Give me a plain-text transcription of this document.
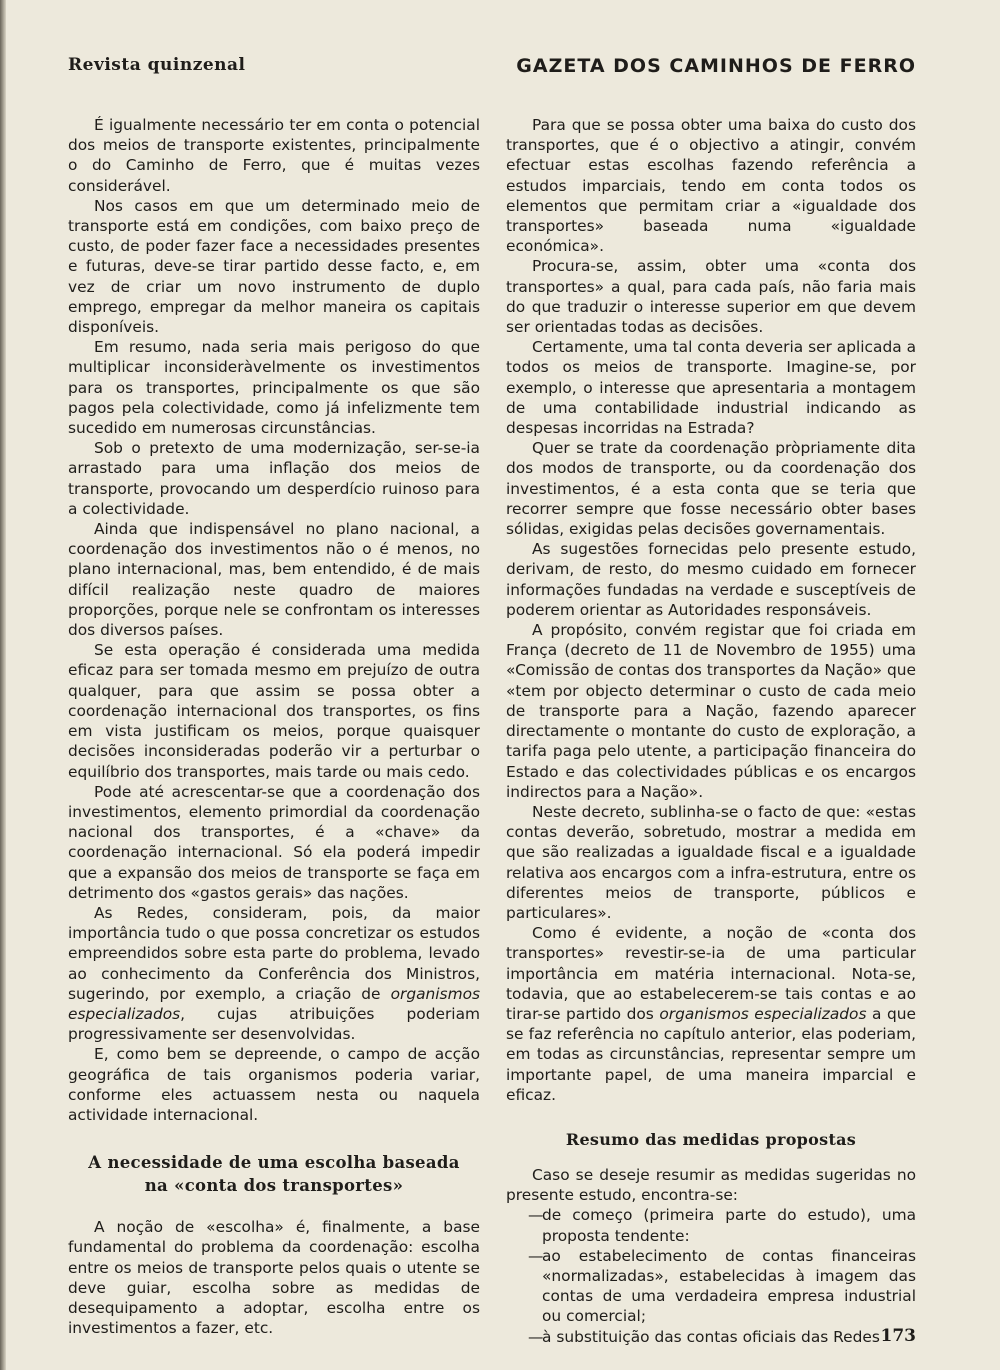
Revista quinzenal	GAZETA DOS CAMINHOS DE FERRO

É igualmente necessário ter em conta o potencial dos meios de transporte existentes, principalmente o do Caminho de Ferro, que é muitas vezes considerável.

Nos casos em que um determinado meio de transporte está em condições, com baixo preço de custo, de poder fazer face a necessidades presentes e futuras, deve-se tirar partido desse facto, e, em vez de criar um novo instrumento de duplo emprego, empregar da melhor maneira os capitais disponíveis.

Em resumo, nada seria mais perigoso do que multiplicar inconsideràvelmente os investimentos para os transportes, principalmente os que são pagos pela colectividade, como já infelizmente tem sucedido em numerosas circunstâncias.

Sob o pretexto de uma modernização, ser-se-ia arrastado para uma inflação dos meios de transporte, provocando um desperdício ruinoso para a colectividade.

Ainda que indispensável no plano nacional, a coordenação dos investimentos não o é menos, no plano internacional, mas, bem entendido, é de mais difícil realização neste quadro de maiores proporções, porque nele se confrontam os interesses dos diversos países.

Se esta operação é considerada uma medida eficaz para ser tomada mesmo em prejuízo de outra qualquer, para que assim se possa obter a coordenação internacional dos transportes, os fins em vista justificam os meios, porque quaisquer decisões inconsideradas poderão vir a perturbar o equilíbrio dos transportes, mais tarde ou mais cedo.

Pode até acrescentar-se que a coordenação dos investimentos, elemento primordial da coordenação nacional dos transportes, é a «chave» da coordenação internacional. Só ela poderá impedir que a expansão dos meios de transporte se faça em detrimento dos «gastos gerais» das nações.

As Redes, consideram, pois, da maior importância tudo o que possa concretizar os estudos empreendidos sobre esta parte do problema, levado ao conhecimento da Conferência dos Ministros, sugerindo, por exemplo, a criação de organismos especializados, cujas atribuições poderiam progressivamente ser desenvolvidas.

E, como bem se depreende, o campo de acção geográfica de tais organismos poderia variar, conforme eles actuassem nesta ou naquela actividade internacional.

A necessidade de uma escolha baseada
na «conta dos transportes»

A noção de «escolha» é, finalmente, a base fundamental do problema da coordenação: escolha entre os meios de transporte pelos quais o utente se deve guiar, escolha sobre as medidas de desequipamento a adoptar, escolha entre os investimentos a fazer, etc.

Para que se possa obter uma baixa do custo dos transportes, que é o objectivo a atingir, convém efectuar estas escolhas fazendo referência a estudos imparciais, tendo em conta todos os elementos que permitam criar a «igualdade dos transportes» baseada numa «igualdade económica».

Procura-se, assim, obter uma «conta dos transportes» a qual, para cada país, não faria mais do que traduzir o interesse superior em que devem ser orientadas todas as decisões.

Certamente, uma tal conta deveria ser aplicada a todos os meios de transporte. Imagine-se, por exemplo, o interesse que apresentaria a montagem de uma contabilidade industrial indicando as despesas incorridas na Estrada?

Quer se trate da coordenação pròpriamente dita dos modos de transporte, ou da coordenação dos investimentos, é a esta conta que se teria que recorrer sempre que fosse necessário obter bases sólidas, exigidas pelas decisões governamentais.

As sugestões fornecidas pelo presente estudo, derivam, de resto, do mesmo cuidado em fornecer informações fundadas na verdade e susceptíveis de poderem orientar as Autoridades responsáveis.

A propósito, convém registar que foi criada em França (decreto de 11 de Novembro de 1955) uma «Comissão de contas dos transportes da Nação» que «tem por objecto determinar o custo de cada meio de transporte para a Nação, fazendo aparecer directamente o montante do custo de exploração, a tarifa paga pelo utente, a participação financeira do Estado e das colectividades públicas e os encargos indirectos para a Nação».

Neste decreto, sublinha-se o facto de que: «estas contas deverão, sobretudo, mostrar a medida em que são realizadas a igualdade fiscal e a igualdade relativa aos encargos com a infra-estrutura, entre os diferentes meios de transporte, públicos e particulares».

Como é evidente, a noção de «conta dos transportes» revestir-se-ia de uma particular importância em matéria internacional. Nota-se, todavia, que ao estabelecerem-se tais contas e ao tirar-se partido dos organismos especializados a que se faz referência no capítulo anterior, elas poderiam, em todas as circunstâncias, representar sempre um importante papel, de uma maneira imparcial e eficaz.

Resumo das medidas propostas

Caso se deseje resumir as medidas sugeridas no presente estudo, encontra-se:

—
de começo (primeira parte do estudo), uma proposta tendente:
—
ao estabelecimento de contas financeiras «normalizadas», estabelecidas à imagem das contas de uma verdadeira empresa industrial ou comercial;
—
à substituição das contas oficiais das Redes 173
